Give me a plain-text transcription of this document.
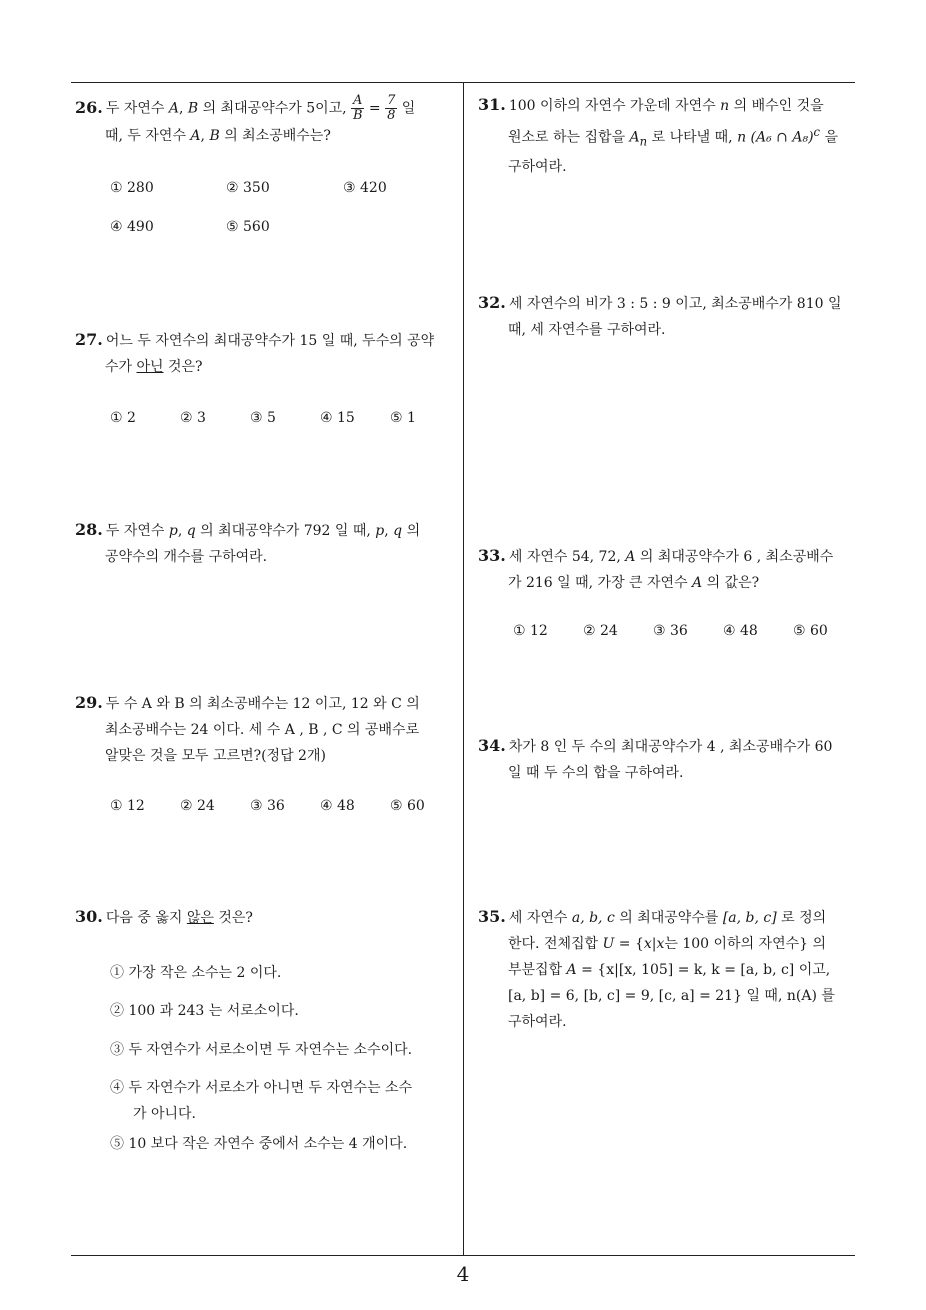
26. 두 자연수 A, B 의 최대공약수가 5이고, $\frac{A}{B} = \frac{7}{8}$ 일
때, 두 자연수 A, B 의 최소공배수는?
① 280	② 350	③ 420
④ 490	⑤ 560
27. 어느 두 자연수의 최대공약수가 15 일 때, 두수의 공약
수가 아닌 것은?
① 2	② 3	③ 5	④ 15	⑤ 1
28. 두 자연수 p, q 의 최대공약수가 792 일 때, p, q 의
공약수의 개수를 구하여라.
29. 두 수 A 와 B 의 최소공배수는 12 이고, 12 와 C 의
최소공배수는 24 이다. 세 수 A , B , C 의 공배수로
알맞은 것을 모두 고르면?(정답 2개)
① 12	② 24	③ 36	④ 48	⑤ 60
30. 다음 중 옳지 않은 것은?
① 가장 작은 소수는 2 이다.
② 100 과 243 는 서로소이다.
③ 두 자연수가 서로소이면 두 자연수는 소수이다.
④ 두 자연수가 서로소가 아니면 두 자연수는 소수
가 아니다.
⑤ 10 보다 작은 자연수 중에서 소수는 4 개이다.
31. 100 이하의 자연수 가운데 자연수 n 의 배수인 것을
원소로 하는 집합을 $A_n$ 로 나타낼 때, n (A₆ ∩ A₈)$^c$ 을
구하여라.
32. 세 자연수의 비가 3 : 5 : 9 이고, 최소공배수가 810 일
때, 세 자연수를 구하여라.
33. 세 자연수 54, 72, A 의 최대공약수가 6 , 최소공배수
가 216 일 때, 가장 큰 자연수 A 의 값은?
① 12	② 24	③ 36	④ 48	⑤ 60
34. 차가 8 인 두 수의 최대공약수가 4 , 최소공배수가 60
일 때 두 수의 합을 구하여라.
35. 세 자연수 a, b, c 의 최대공약수를 [a, b, c] 로 정의
한다. 전체집합 U = {x|x는 100 이하의 자연수} 의
부분집합 A = {x|[x, 105] = k, k = [a, b, c] 이고,
[a, b] = 6, [b, c] = 9, [c, a] = 21} 일 때, n(A) 를
구하여라.
4
